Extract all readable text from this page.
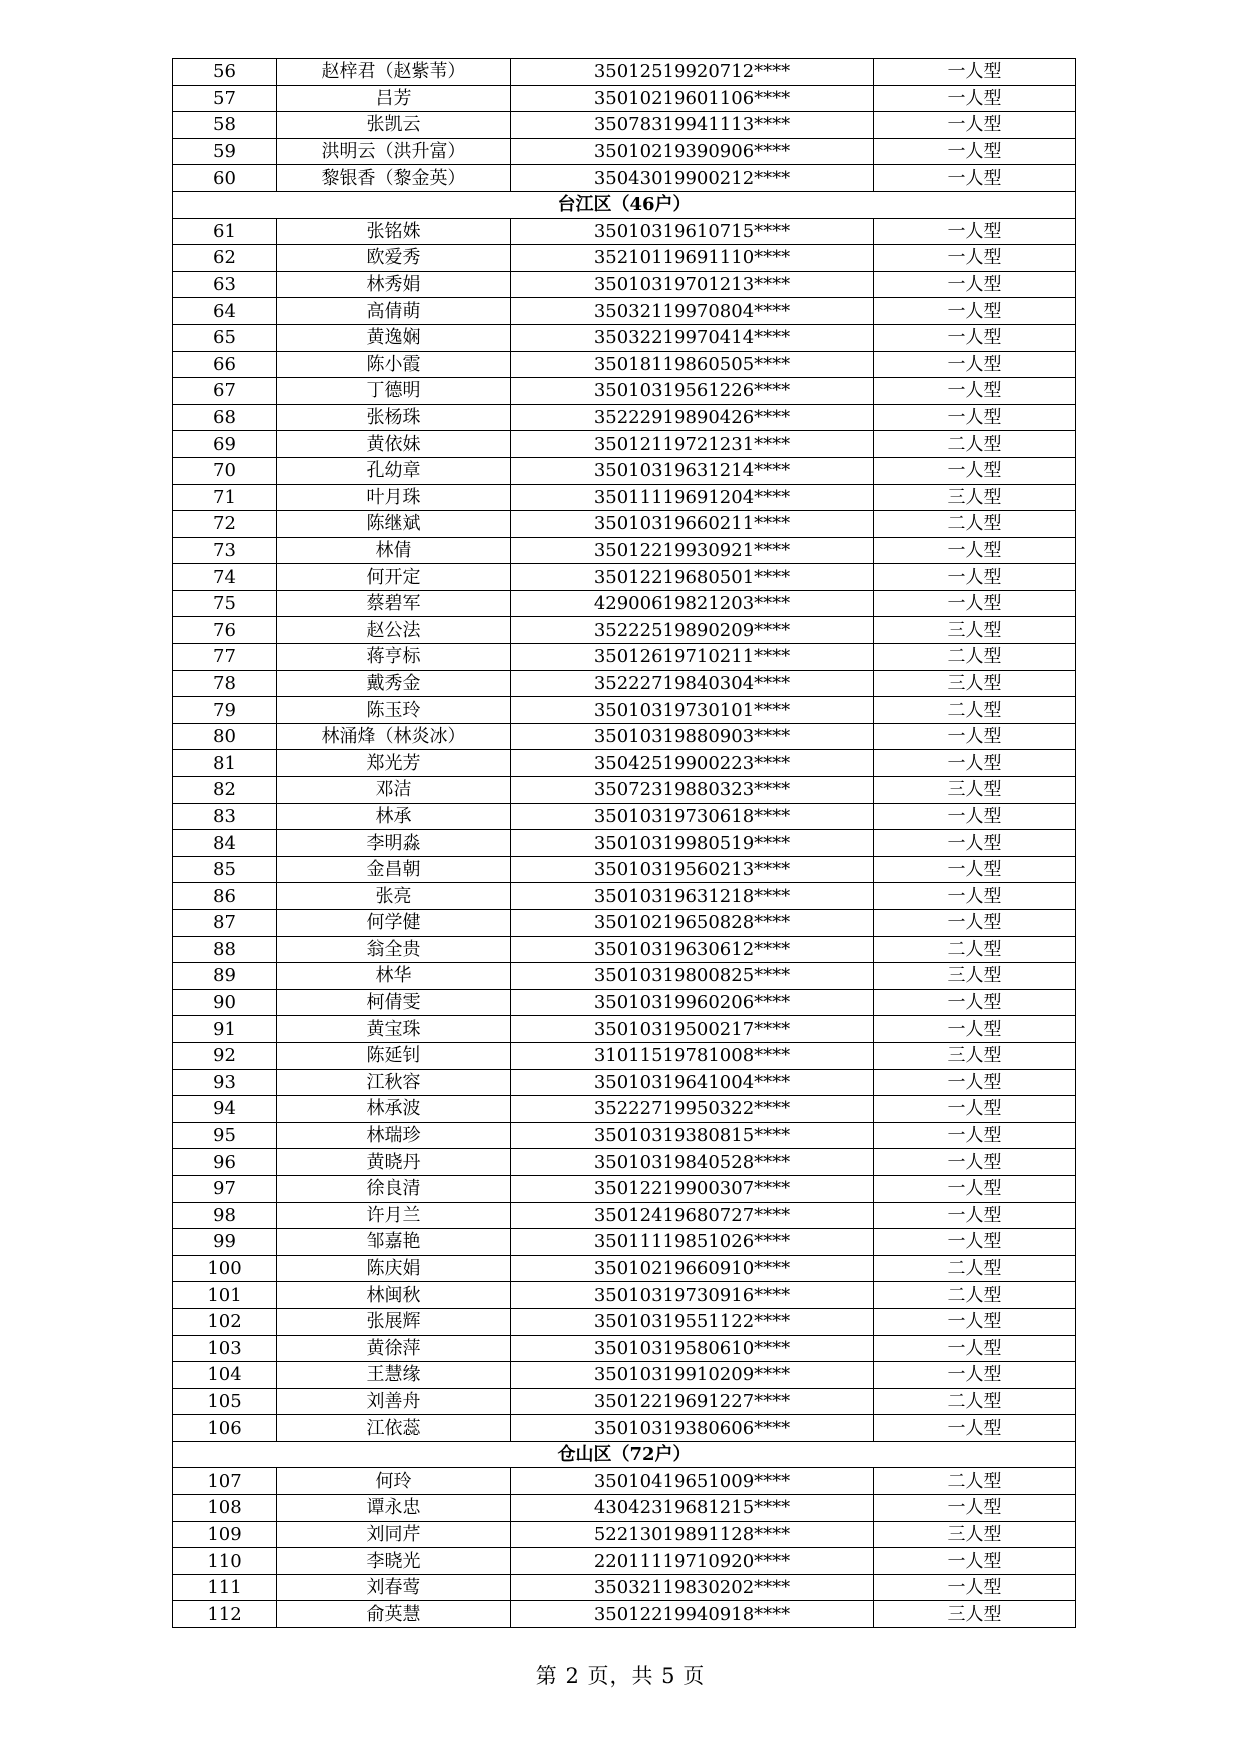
56	赵梓君（赵紫苇）	35012519920712****	一人型
57	吕芳	35010219601106****	一人型
58	张凯云	35078319941113****	一人型
59	洪明云（洪升富）	35010219390906****	一人型
60	黎银香（黎金英）	35043019900212****	一人型
台江区（46户）			
61	张铭姝	35010319610715****	一人型
62	欧爱秀	35210119691110****	一人型
63	林秀娟	35010319701213****	一人型
64	高倩萌	35032119970804****	一人型
65	黄逸娴	35032219970414****	一人型
66	陈小霞	35018119860505****	一人型
67	丁德明	35010319561226****	一人型
68	张杨珠	35222919890426****	一人型
69	黄依妹	35012119721231****	二人型
70	孔幼章	35010319631214****	一人型
71	叶月珠	35011119691204****	三人型
72	陈继斌	35010319660211****	二人型
73	林倩	35012219930921****	一人型
74	何开定	35012219680501****	一人型
75	蔡碧军	42900619821203****	一人型
76	赵公法	35222519890209****	三人型
77	蒋亨标	35012619710211****	二人型
78	戴秀金	35222719840304****	三人型
79	陈玉玲	35010319730101****	二人型
80	林涌烽（林炎冰）	35010319880903****	一人型
81	郑光芳	35042519900223****	一人型
82	邓洁	35072319880323****	三人型
83	林承	35010319730618****	一人型
84	李明淼	35010319980519****	一人型
85	金昌朝	35010319560213****	一人型
86	张亮	35010319631218****	一人型
87	何学健	35010219650828****	一人型
88	翁全贵	35010319630612****	二人型
89	林华	35010319800825****	三人型
90	柯倩雯	35010319960206****	一人型
91	黄宝珠	35010319500217****	一人型
92	陈延钊	31011519781008****	三人型
93	江秋容	35010319641004****	一人型
94	林承波	35222719950322****	一人型
95	林瑞珍	35010319380815****	一人型
96	黄晓丹	35010319840528****	一人型
97	徐良清	35012219900307****	一人型
98	许月兰	35012419680727****	一人型
99	邹嘉艳	35011119851026****	一人型
100	陈庆娟	35010219660910****	二人型
101	林闽秋	35010319730916****	二人型
102	张展辉	35010319551122****	一人型
103	黄徐萍	35010319580610****	一人型
104	王慧缘	35010319910209****	一人型
105	刘善舟	35012219691227****	二人型
106	江依蕊	35010319380606****	一人型
仓山区（72户）			
107	何玲	35010419651009****	二人型
108	谭永忠	43042319681215****	一人型
109	刘同芹	52213019891128****	三人型
110	李晓光	22011119710920****	一人型
111	刘春莺	35032119830202****	一人型
112	俞英慧	35012219940918****	三人型
第 2 页，共 5 页
